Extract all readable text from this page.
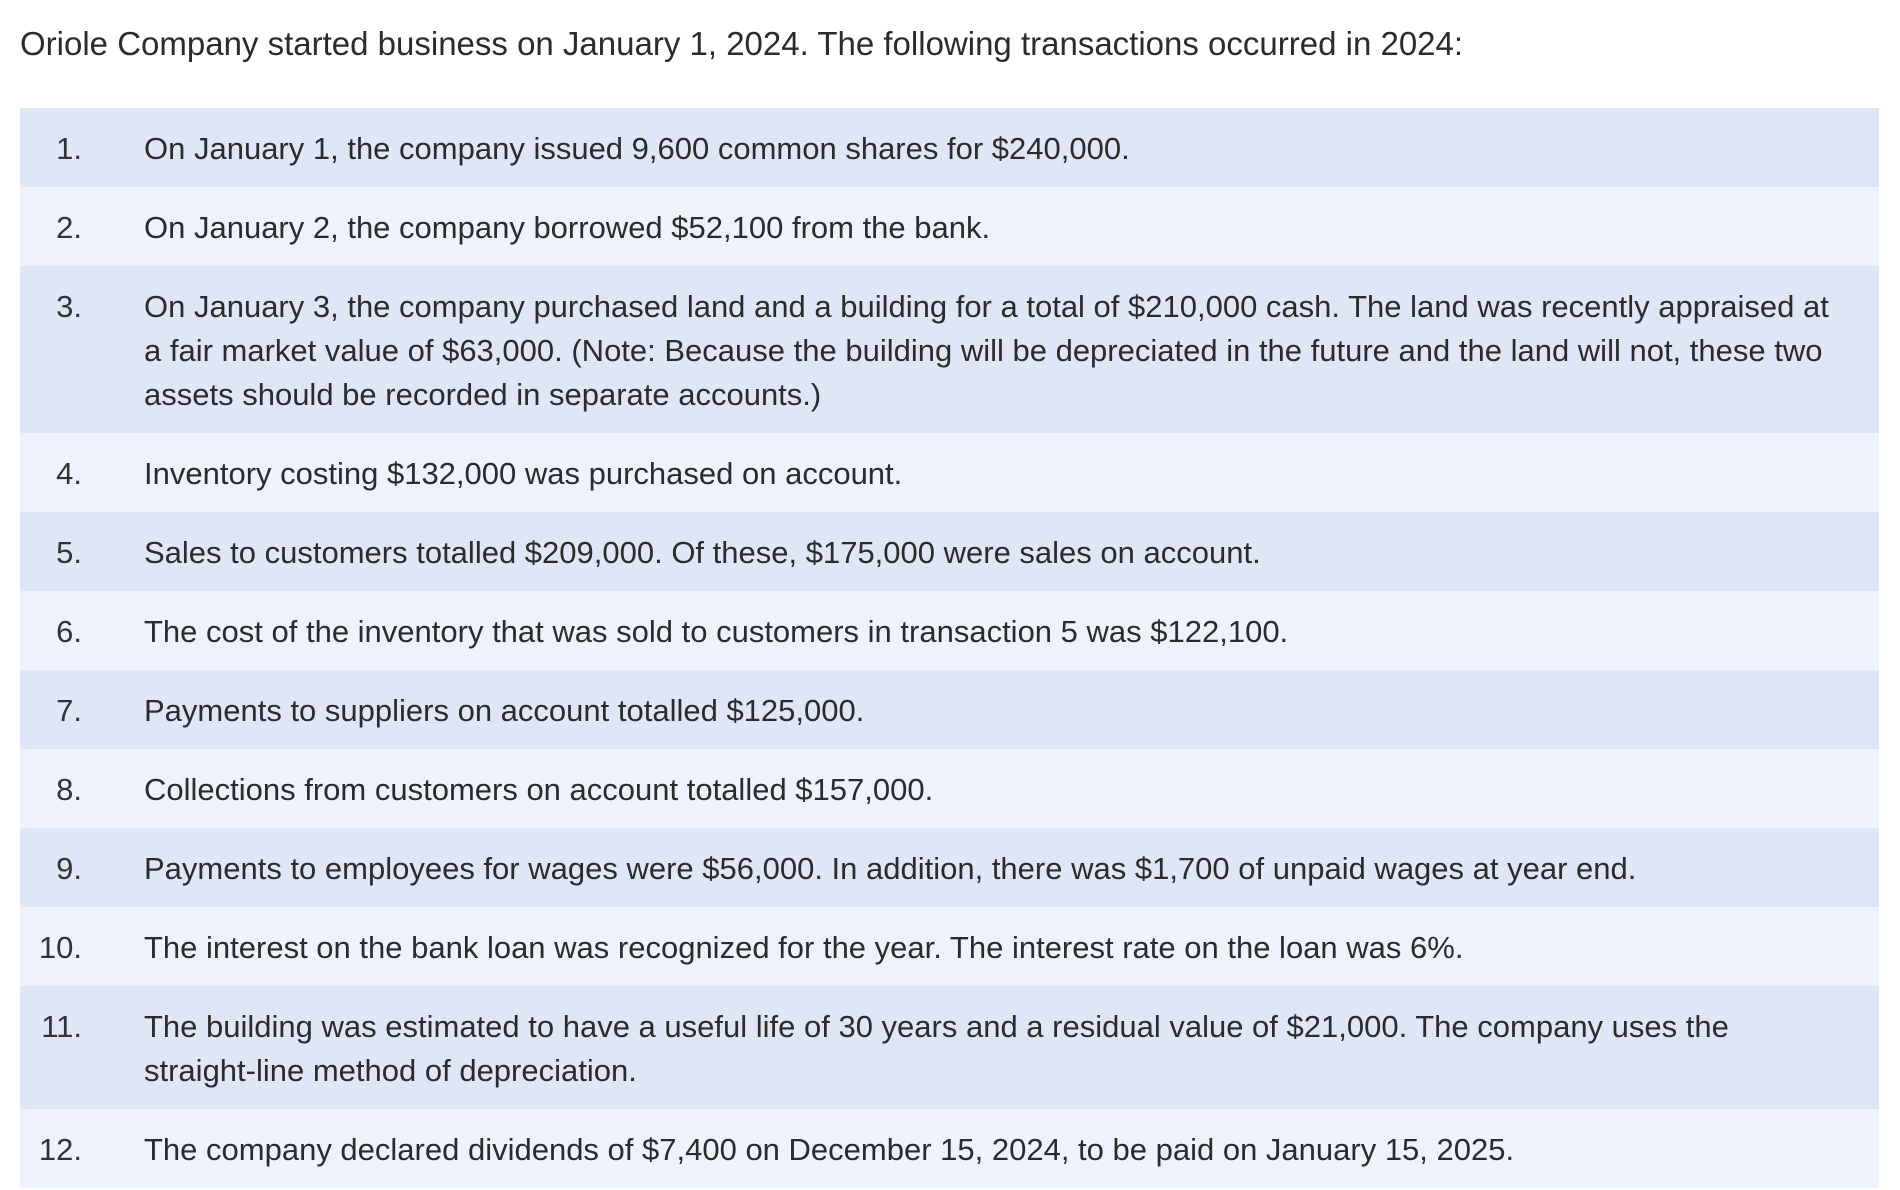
Oriole Company started business on January 1, 2024. The following transactions occurred in 2024:

1.	On January 1, the company issued 9,600 common shares for $240,000.
2.	On January 2, the company borrowed $52,100 from the bank.
3.	On January 3, the company purchased land and a building for a total of $210,000 cash. The land was recently appraised at a fair market value of $63,000. (Note: Because the building will be depreciated in the future and the land will not, these two assets should be recorded in separate accounts.)
4.	Inventory costing $132,000 was purchased on account.
5.	Sales to customers totalled $209,000. Of these, $175,000 were sales on account.
6.	The cost of the inventory that was sold to customers in transaction 5 was $122,100.
7.	Payments to suppliers on account totalled $125,000.
8.	Collections from customers on account totalled $157,000.
9.	Payments to employees for wages were $56,000. In addition, there was $1,700 of unpaid wages at year end.
10.	The interest on the bank loan was recognized for the year. The interest rate on the loan was 6%.
11.	The building was estimated to have a useful life of 30 years and a residual value of $21,000. The company uses the straight-line method of depreciation.
12.	The company declared dividends of $7,400 on December 15, 2024, to be paid on January 15, 2025.
